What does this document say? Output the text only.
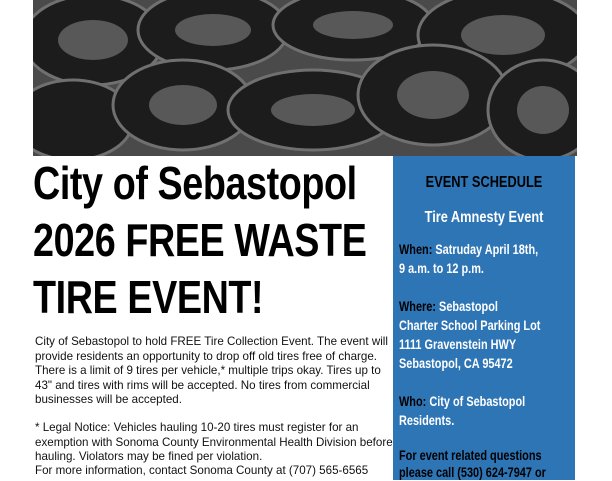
City of Sebastopol
2026 FREE WASTE
TIRE EVENT!
City of Sebastopol to hold FREE Tire Collection Event. The event will provide residents an opportunity to drop off old tires free of charge. There is a limit of 9 tires per vehicle,* multiple trips okay. Tires up to 43" and tires with rims will be accepted. No tires from commercial businesses will be accepted.
* Legal Notice: Vehicles hauling 10-20 tires must register for an exemption with Sonoma County Environmental Health Division before hauling. Violators may be fined per violation.
For more information, contact Sonoma County at (707) 565-6565
EVENT SCHEDULE
Tire Amnesty Event
When: Satruday April 18th,
9 a.m. to 12 p.m.
Where: Sebastopol
Charter School Parking Lot
1111 Gravenstein HWY
Sebastopol, CA 95472
Who: City of Sebastopol
Residents.
For event related questions
please call (530) 624-7947 or
